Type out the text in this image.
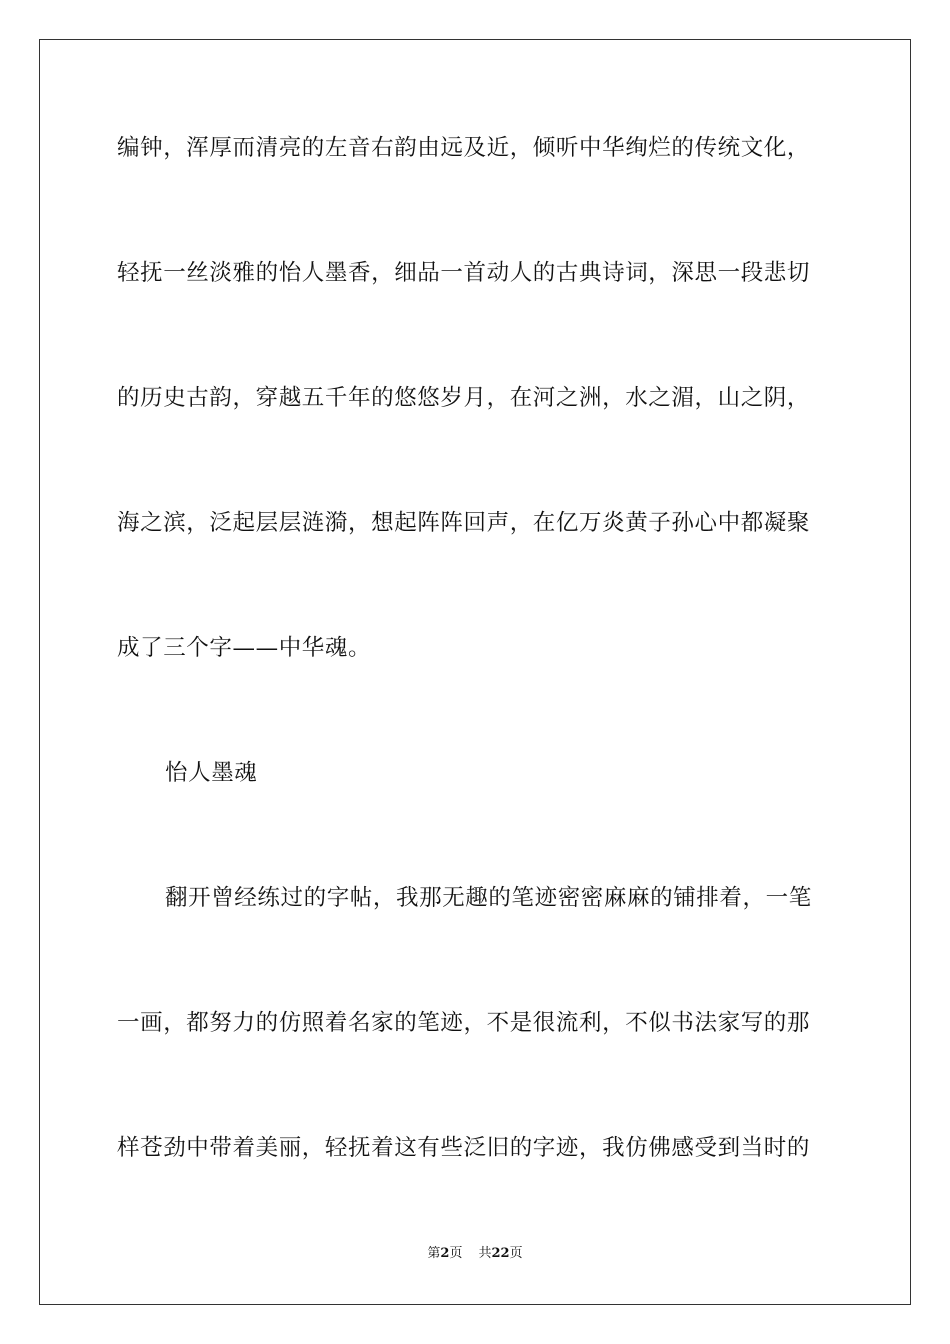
编钟，浑厚而清亮的左音右韵由远及近，倾听中华绚烂的传统文化，
轻抚一丝淡雅的怡人墨香，细品一首动人的古典诗词，深思一段悲切
的历史古韵，穿越五千年的悠悠岁月，在河之洲，水之湄，山之阴，
海之滨，泛起层层涟漪，想起阵阵回声，在亿万炎黄子孙心中都凝聚
成了三个字——中华魂。
怡人墨魂
翻开曾经练过的字帖，我那无趣的笔迹密密麻麻的铺排着，一笔
一画，都努力的仿照着名家的笔迹，不是很流利，不似书法家写的那
样苍劲中带着美丽，轻抚着这有些泛旧的字迹，我仿佛感受到当时的
第2页 共22页
